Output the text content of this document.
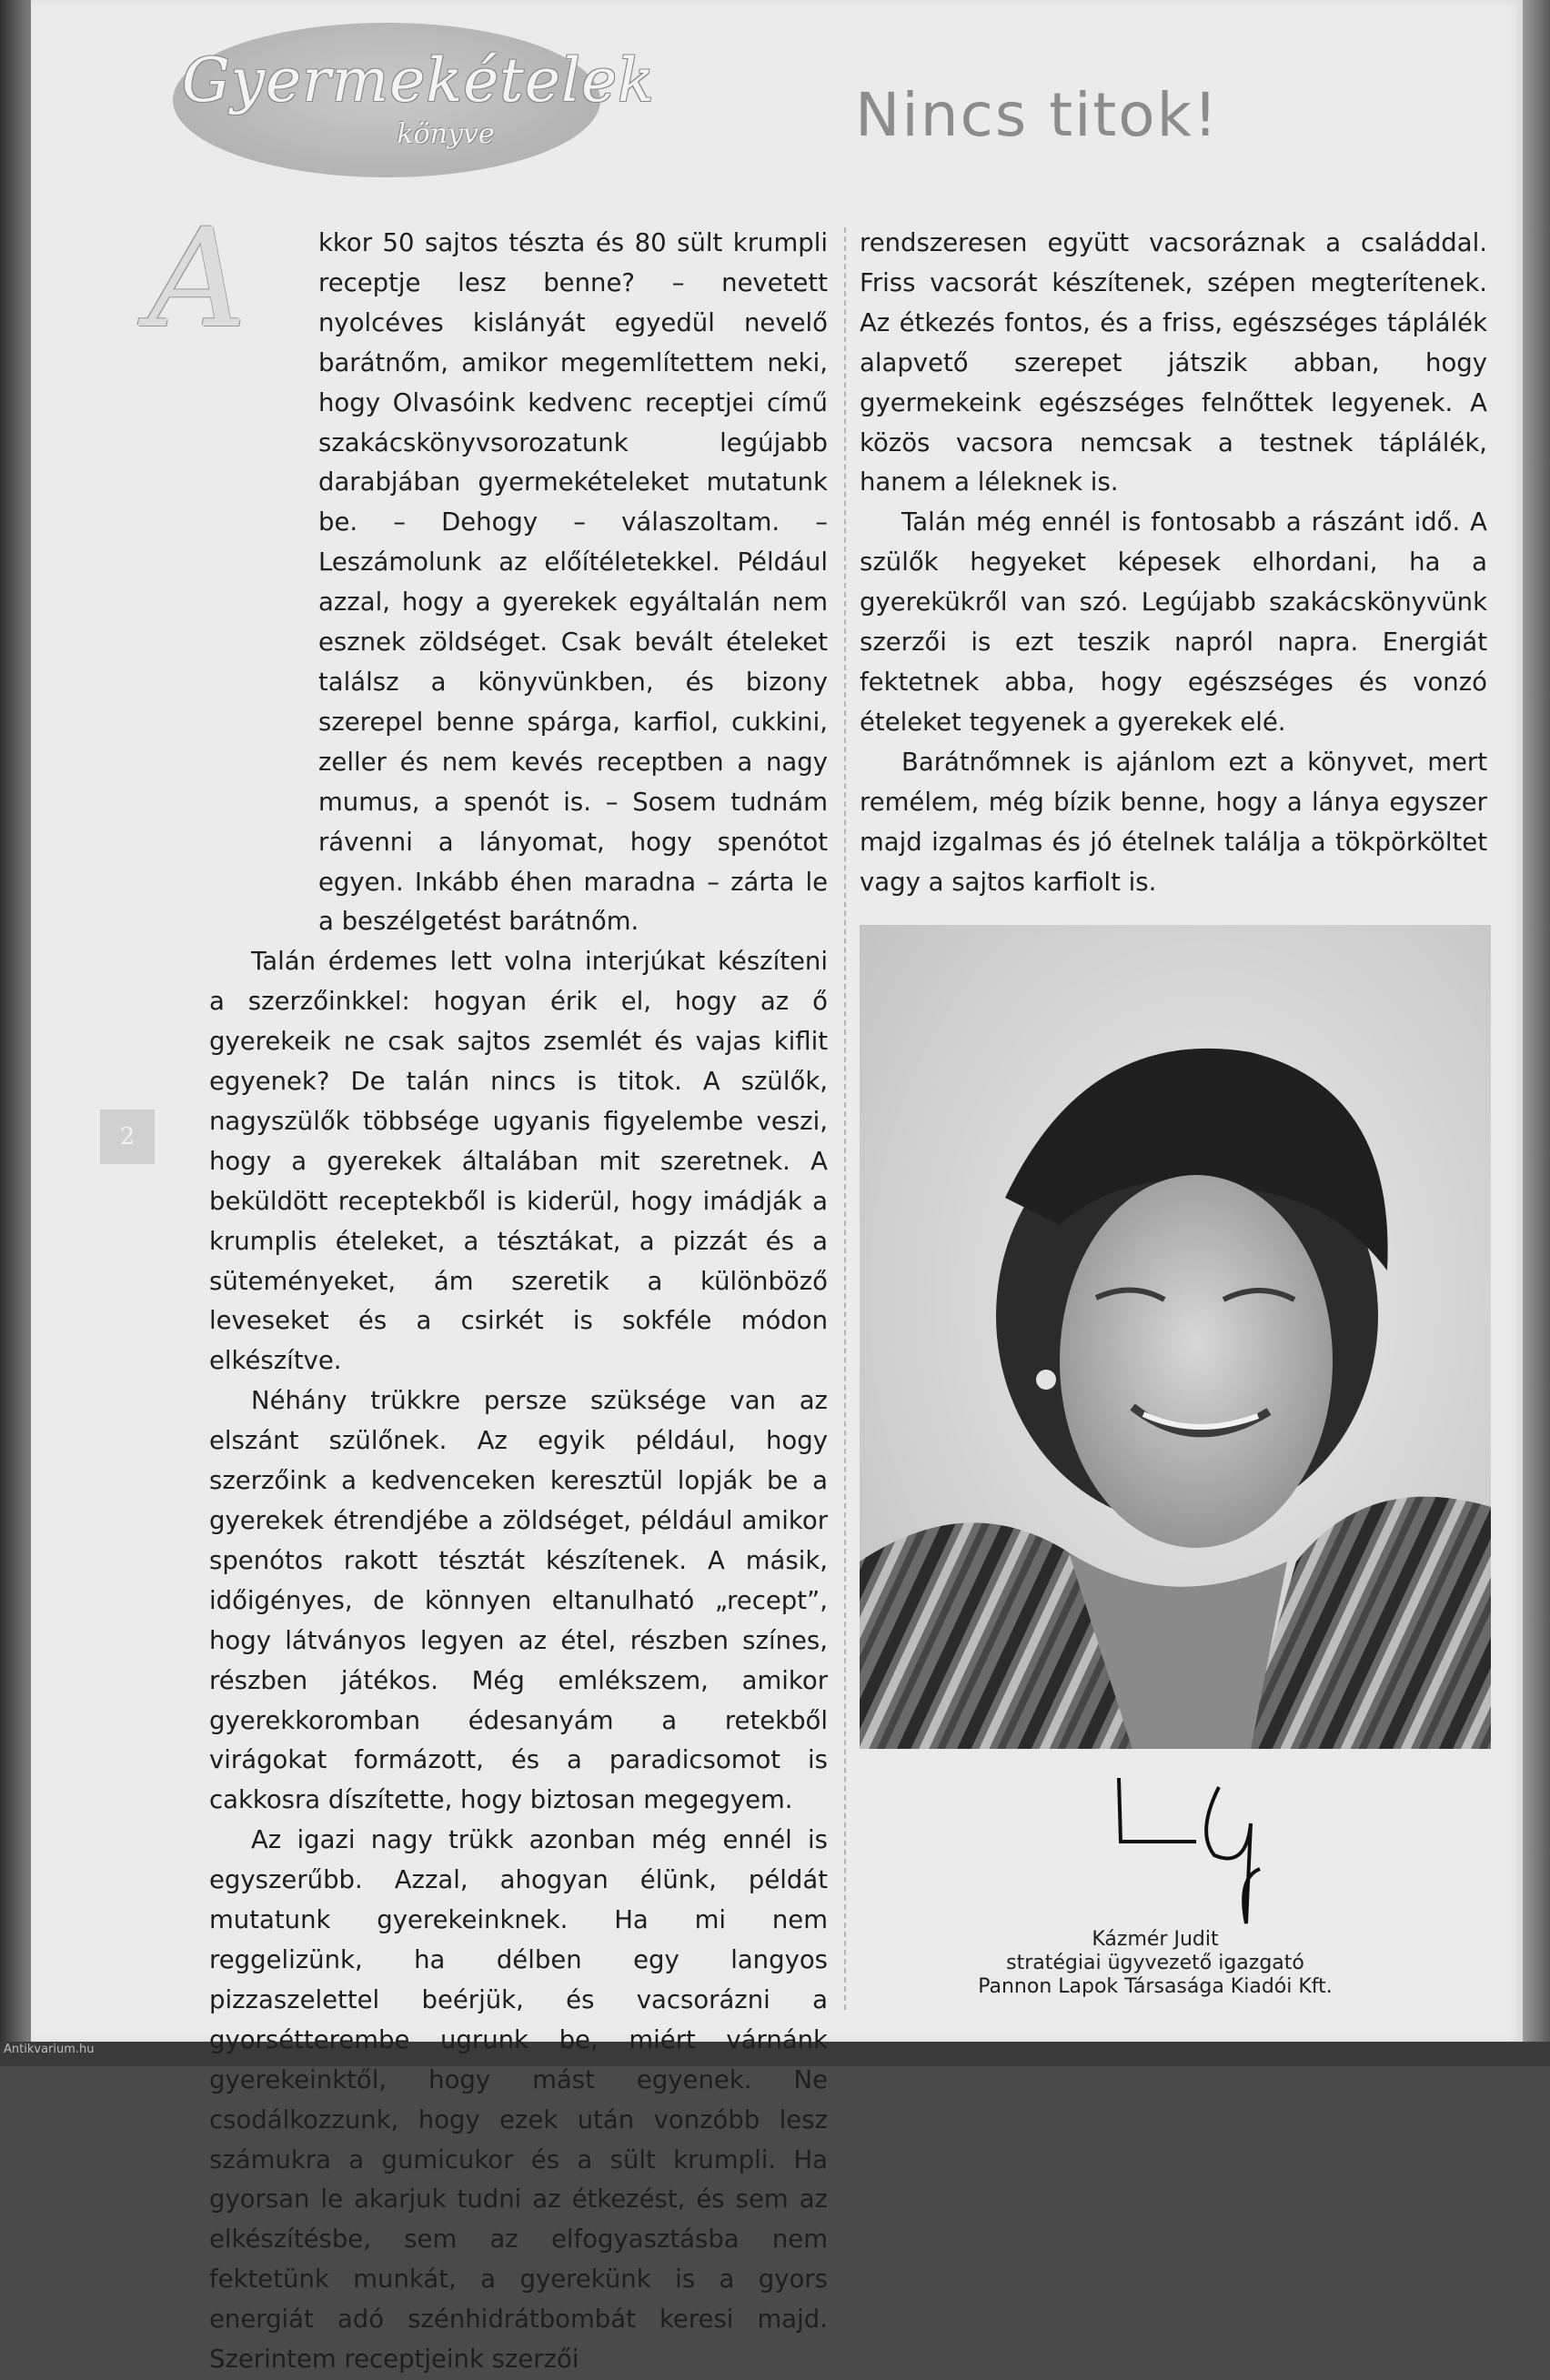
Gyermekételek
könyve	Nincs titok!
A	kkor 50 sajtos tészta és 80 sült krumpli receptje lesz benne? – nevetett nyolcéves kislányát egyedül nevelő barátnőm, amikor megemlítettem neki, hogy Olvasóink kedvenc receptjei című szakácskönyvsorozatunk legújabb darabjában gyermekételeket mutatunk be. – Dehogy – válaszoltam. – Leszámolunk az előítéletekkel. Például azzal, hogy a gyerekek egyáltalán nem esznek zöldséget. Csak bevált ételeket találsz a könyvünkben, és bizony szerepel benne spárga, karfiol, cukkini, zeller és nem kevés receptben a nagy mumus, a spenót is. – Sosem tudnám rávenni a lányomat, hogy spenótot egyen. Inkább éhen maradna – zárta le a beszélgetést barátnőm.

Talán érdemes lett volna interjúkat készíteni a szerzőinkkel: hogyan érik el, hogy az ő gyerekeik ne csak sajtos zsemlét és vajas kiflit egyenek? De talán nincs is titok. A szülők, nagyszülők többsége ugyanis figyelembe veszi, hogy a gyerekek általában mit szeretnek. A beküldött receptekből is kiderül, hogy imádják a krumplis ételeket, a tésztákat, a pizzát és a süteményeket, ám szeretik a különböző leveseket és a csirkét is sokféle módon elkészítve.

Néhány trükkre persze szüksége van az elszánt szülőnek. Az egyik például, hogy szerzőink a kedvenceken keresztül lopják be a gyerekek étrendjébe a zöldséget, például amikor spenótos rakott tésztát készítenek. A másik, időigényes, de könnyen eltanulható „recept”, hogy látványos legyen az étel, részben színes, részben játékos. Még emlékszem, amikor gyerekkoromban édesanyám a retekből virágokat formázott, és a paradicsomot is cakkosra díszítette, hogy biztosan megegyem.

Az igazi nagy trükk azonban még ennél is egyszerűbb. Azzal, ahogyan élünk, példát mutatunk gyerekeinknek. Ha mi nem reggelizünk, ha délben egy langyos pizzaszelettel beérjük, és vacsorázni a gyorsétterembe ugrunk be, miért várnánk gyerekeinktől, hogy mást egyenek. Ne csodálkozzunk, hogy ezek után vonzóbb lesz számukra a gumicukor és a sült krumpli. Ha gyorsan le akarjuk tudni az étkezést, és sem az elkészítésbe, sem az elfogyasztásba nem fektetünk munkát, a gyerekünk is a gyors energiát adó szénhidrátbombát keresi majd. Szerintem receptjeink szerzői

rendszeresen együtt vacsoráznak a családdal. Friss vacsorát készítenek, szépen megterítenek. Az étkezés fontos, és a friss, egészséges táplálék alapvető szerepet játszik abban, hogy gyermekeink egészséges felnőttek legyenek. A közös vacsora nemcsak a testnek táplálék, hanem a léleknek is.

Talán még ennél is fontosabb a rászánt idő. A szülők hegyeket képesek elhordani, ha a gyerekükről van szó. Legújabb szakácskönyvünk szerzői is ezt teszik napról napra. Energiát fektetnek abba, hogy egészséges és vonzó ételeket tegyenek a gyerekek elé.

Barátnőmnek is ajánlom ezt a könyvet, mert remélem, még bízik benne, hogy a lánya egyszer majd izgalmas és jó ételnek találja a tökpörköltet vagy a sajtos karfiolt is.

2
Kázmér Judit
stratégiai ügyvezető igazgató
Pannon Lapok Társasága Kiadói Kft.
Antikvarium.hu
